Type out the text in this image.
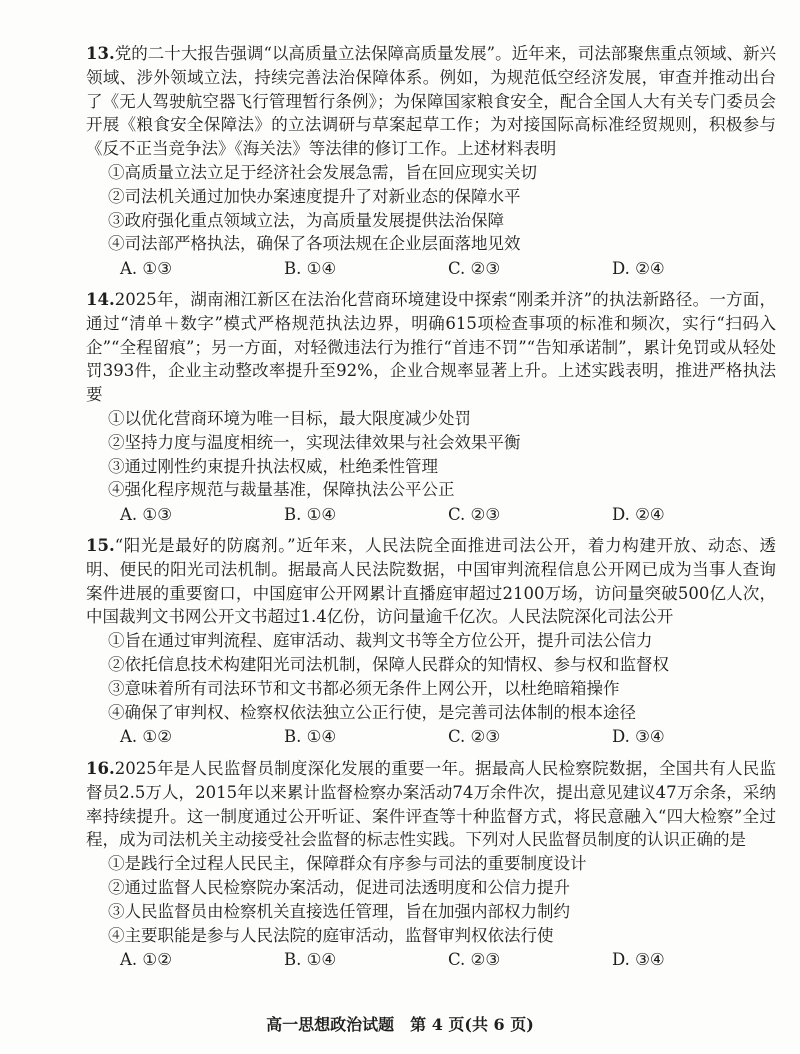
13.党的二十大报告强调“以高质量立法保障高质量发展”。近年来，司法部聚焦重点领域、新兴领域、涉外领域立法，持续完善法治保障体系。例如，为规范低空经济发展，审查并推动出台了《无人驾驶航空器飞行管理暂行条例》；为保障国家粮食安全，配合全国人大有关专门委员会开展《粮食安全保障法》的立法调研与草案起草工作；为对接国际高标准经贸规则，积极参与《反不正当竞争法》《海关法》等法律的修订工作。上述材料表明

①高质量立法立足于经济社会发展急需，旨在回应现实关切

②司法机关通过加快办案速度提升了对新业态的保障水平

③政府强化重点领域立法，为高质量发展提供法治保障

④司法部严格执法，确保了各项法规在企业层面落地见效

A. ①③	B. ①④	C. ②③	D. ②④

14.2025年，湖南湘江新区在法治化营商环境建设中探索“刚柔并济”的执法新路径。一方面，通过“清单＋数字”模式严格规范执法边界，明确615项检查事项的标准和频次，实行“扫码入企”“全程留痕”；另一方面，对轻微违法行为推行“首违不罚”“告知承诺制”，累计免罚或从轻处罚393件，企业主动整改率提升至92%，企业合规率显著上升。上述实践表明，推进严格执法要

①以优化营商环境为唯一目标，最大限度减少处罚

②坚持力度与温度相统一，实现法律效果与社会效果平衡

③通过刚性约束提升执法权威，杜绝柔性管理

④强化程序规范与裁量基准，保障执法公平公正

A. ①③	B. ①④	C. ②③	D. ②④

15.“阳光是最好的防腐剂。”近年来，人民法院全面推进司法公开，着力构建开放、动态、透明、便民的阳光司法机制。据最高人民法院数据，中国审判流程信息公开网已成为当事人查询案件进展的重要窗口，中国庭审公开网累计直播庭审超过2100万场，访问量突破500亿人次，中国裁判文书网公开文书超过1.4亿份，访问量逾千亿次。人民法院深化司法公开

①旨在通过审判流程、庭审活动、裁判文书等全方位公开，提升司法公信力

②依托信息技术构建阳光司法机制，保障人民群众的知情权、参与权和监督权

③意味着所有司法环节和文书都必须无条件上网公开，以杜绝暗箱操作

④确保了审判权、检察权依法独立公正行使，是完善司法体制的根本途径

A. ①②	B. ①④	C. ②③	D. ③④

16.2025年是人民监督员制度深化发展的重要一年。据最高人民检察院数据，全国共有人民监督员2.5万人，2015年以来累计监督检察办案活动74万余件次，提出意见建议47万余条，采纳率持续提升。这一制度通过公开听证、案件评查等十种监督方式，将民意融入“四大检察”全过程，成为司法机关主动接受社会监督的标志性实践。下列对人民监督员制度的认识正确的是

①是践行全过程人民民主，保障群众有序参与司法的重要制度设计

②通过监督人民检察院办案活动，促进司法透明度和公信力提升

③人民监督员由检察机关直接选任管理，旨在加强内部权力制约

④主要职能是参与人民法院的庭审活动，监督审判权依法行使

A. ①②	B. ①④	C. ②③	D. ③④
高一思想政治试题　第 4 页(共 6 页)
